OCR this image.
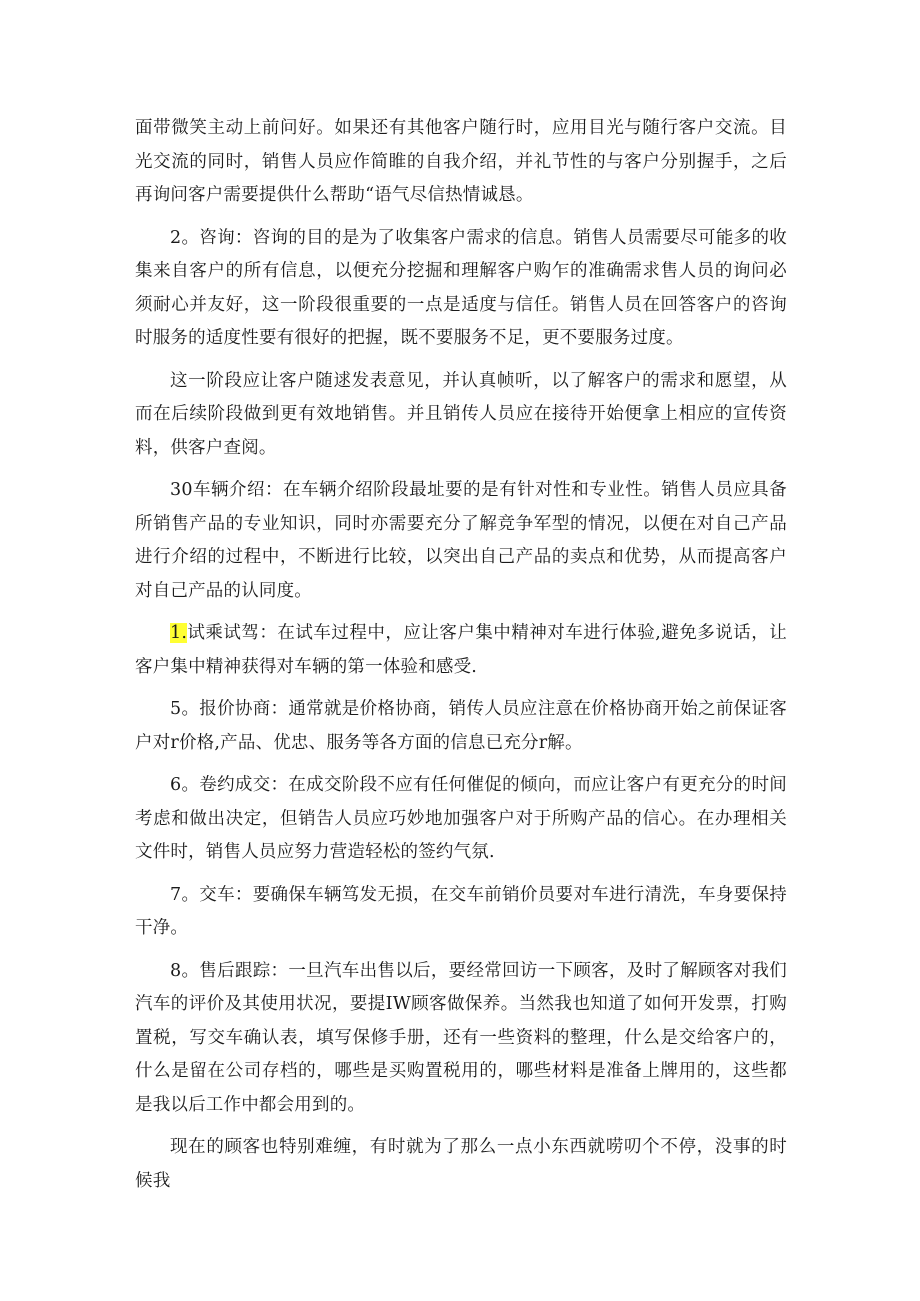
面带微笑主动上前问好。如果还有其他客户随行时，应用目光与随行客户交流。目光交流的同时，销售人员应作简睢的自我介绍，并礼节性的与客户分别握手，之后再询问客户需要提供什么帮助“语气尽信热情诚恳。

2。咨询：咨询的目的是为了收集客户需求的信息。销售人员需要尽可能多的收集来自客户的所有信息，以便充分挖掘和理解客户购乍的准确需求售人员的询问必须耐心并友好，这一阶段很重要的一点是适度与信任。销售人员在回答客户的咨询时服务的适度性要有很好的把握，既不要服务不足，更不要服务过度。

这一阶段应让客户随逑发表意见，并认真帧听，以了解客户的需求和愿望，从而在后续阶段做到更有效地销售。并且销传人员应在接待开始便拿上相应的宣传资料，供客户查阅。

30车辆介绍：在车辆介绍阶段最址要的是有针对性和专业性。销售人员应具备所销售产品的专业知识，同时亦需要充分了解竞争军型的情况，以便在对自己产品进行介绍的过程中，不断进行比较，以突出自己产品的卖点和优势，从而提高客户对自己产品的认同度。

1.试乘试驾：在试车过程中，应让客户集中精神对车进行体验,避免多说话，让客户集中精神获得对车辆的第一体验和感受.

5。报价协商：通常就是价格协商，销传人员应注意在价格协商开始之前保证客户对r价格,产品、优忠、服务等各方面的信息已充分r解。

6。卷约成交：在成交阶段不应有任何催促的倾向，而应让客户有更充分的时间考虑和做出决定，但销告人员应巧妙地加强客户对于所购产品的信心。在办理相关文件时，销售人员应努力营造轻松的签约气氛.

7。交车：要确保车辆笃发无损，在交车前销价员要对车进行清洗，车身要保持干净。

8。售后跟踪：一旦汽车出售以后，要经常回访一下顾客，及时了解顾客对我们汽车的评价及其使用状况，要提IW顾客做保养。当然我也知道了如何开发票，打购置税，写交车确认表，填写保修手册，还有一些资料的整理，什么是交给客户的，什么是留在公司存档的，哪些是买购置税用的，哪些材料是准备上牌用的，这些都是我以后工作中都会用到的。

现在的顾客也特别难缠，有时就为了那么一点小东西就唠叨个不停，没事的时候我
